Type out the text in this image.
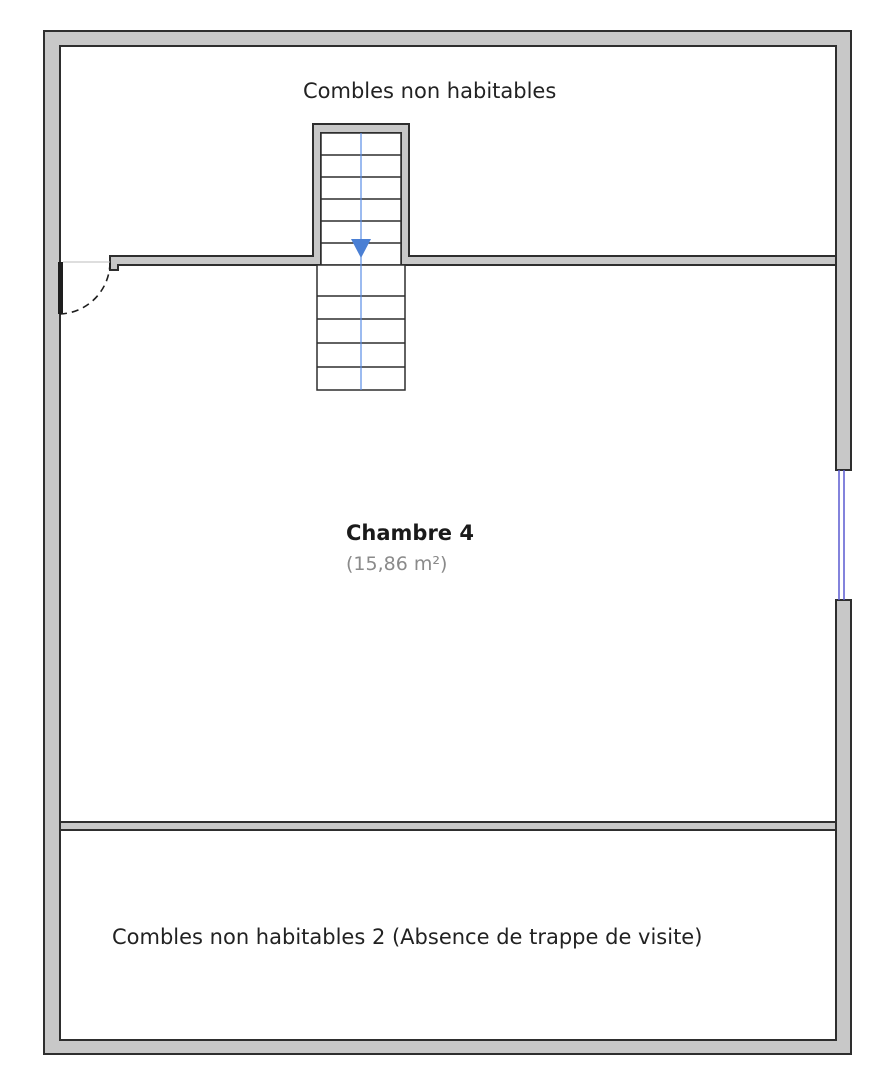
Combles non habitables
Chambre 4
(15,86 m²)
Combles non habitables 2 (Absence de trappe de visite)
